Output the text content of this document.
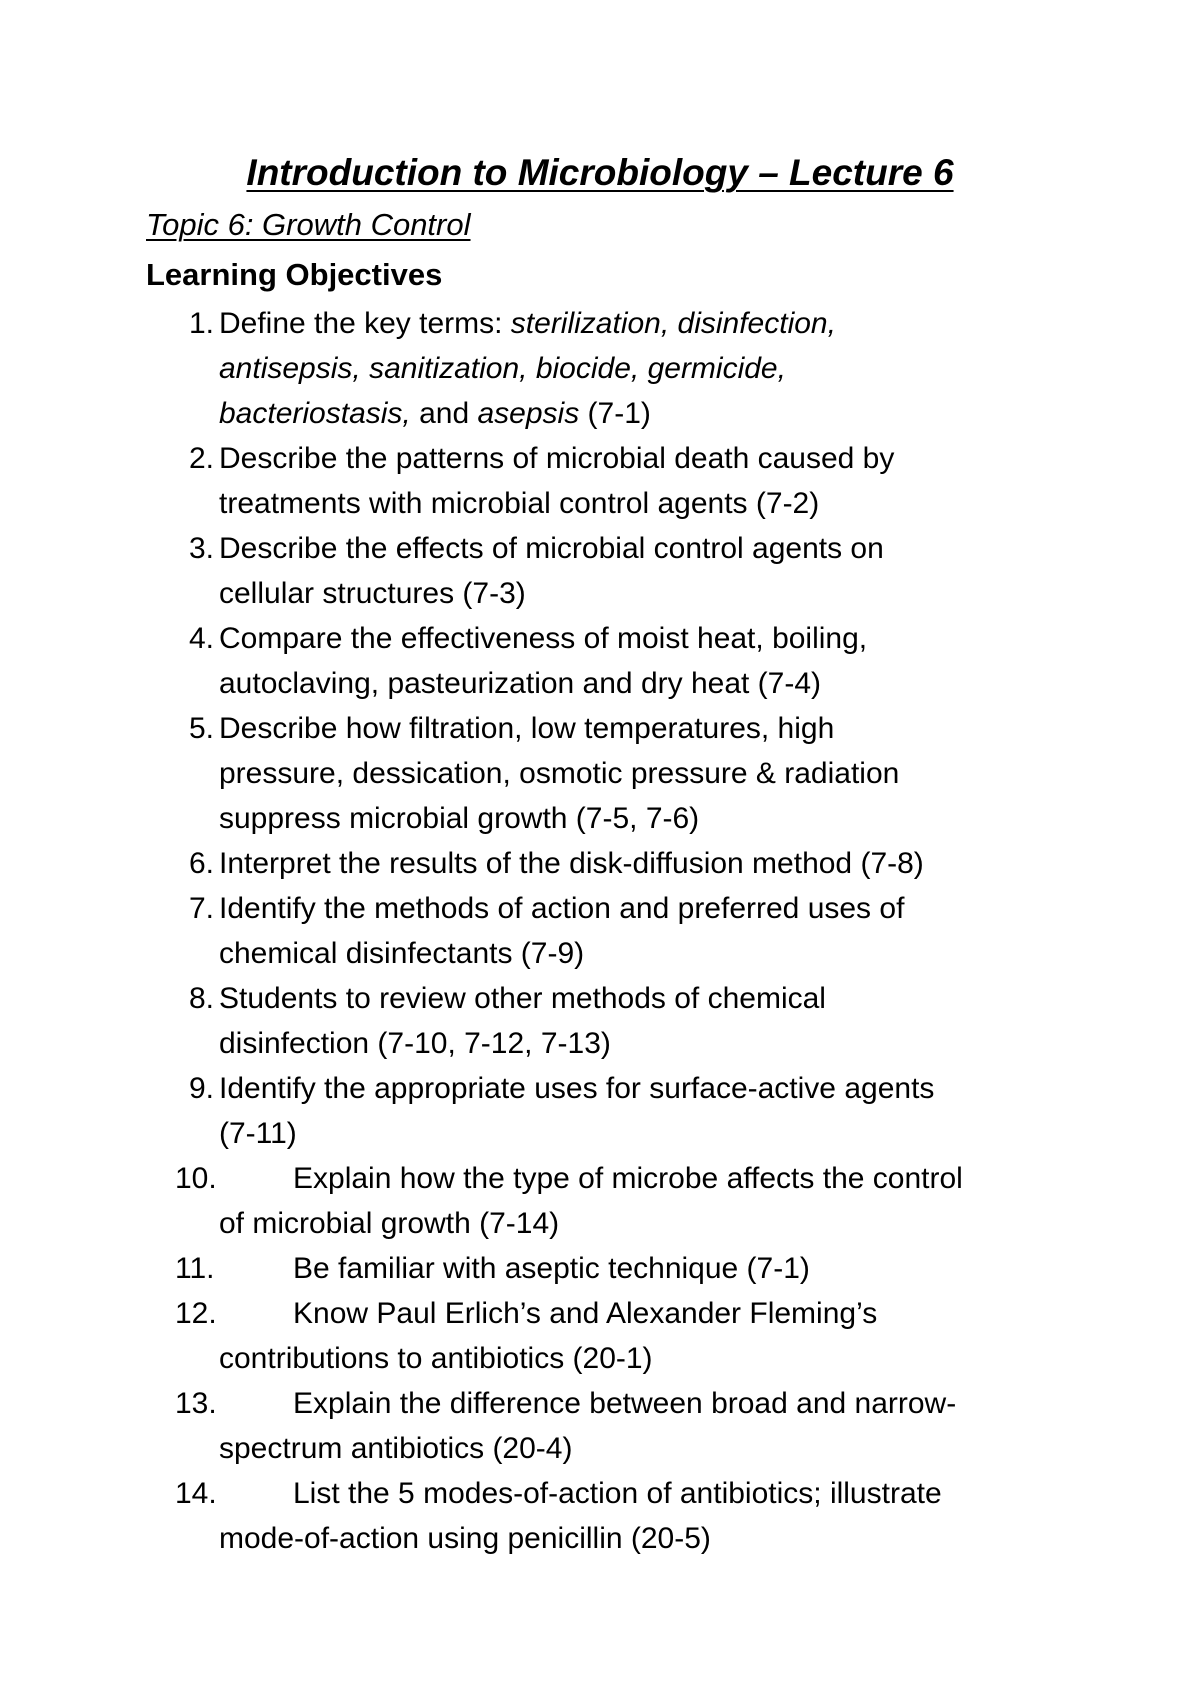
Introduction to Microbiology – Lecture 6
Topic 6: Growth Control
Learning Objectives
1. Define the key terms: sterilization, disinfection,
antisepsis, sanitization, biocide, germicide,
bacteriostasis, and asepsis (7-1)
2. Describe the patterns of microbial death caused by
treatments with microbial control agents (7-2)
3. Describe the effects of microbial control agents on
cellular structures (7-3)
4. Compare the effectiveness of moist heat, boiling,
autoclaving, pasteurization and dry heat (7-4)
5. Describe how filtration, low temperatures, high
pressure, dessication, osmotic pressure & radiation
suppress microbial growth (7-5, 7-6)
6. Interpret the results of the disk-diffusion method (7-8)
7. Identify the methods of action and preferred uses of
chemical disinfectants (7-9)
8. Students to review other methods of chemical
disinfection (7-10, 7-12, 7-13)
9. Identify the appropriate uses for surface-active agents
(7-11)
10.	Explain how the type of microbe affects the control
of microbial growth (7-14)
11.	Be familiar with aseptic technique (7-1)
12.	Know Paul Erlich’s and Alexander Fleming’s
contributions to antibiotics (20-1)
13.	Explain the difference between broad and narrow-
spectrum antibiotics (20-4)
14.	List the 5 modes-of-action of antibiotics; illustrate
mode-of-action using penicillin (20-5)
